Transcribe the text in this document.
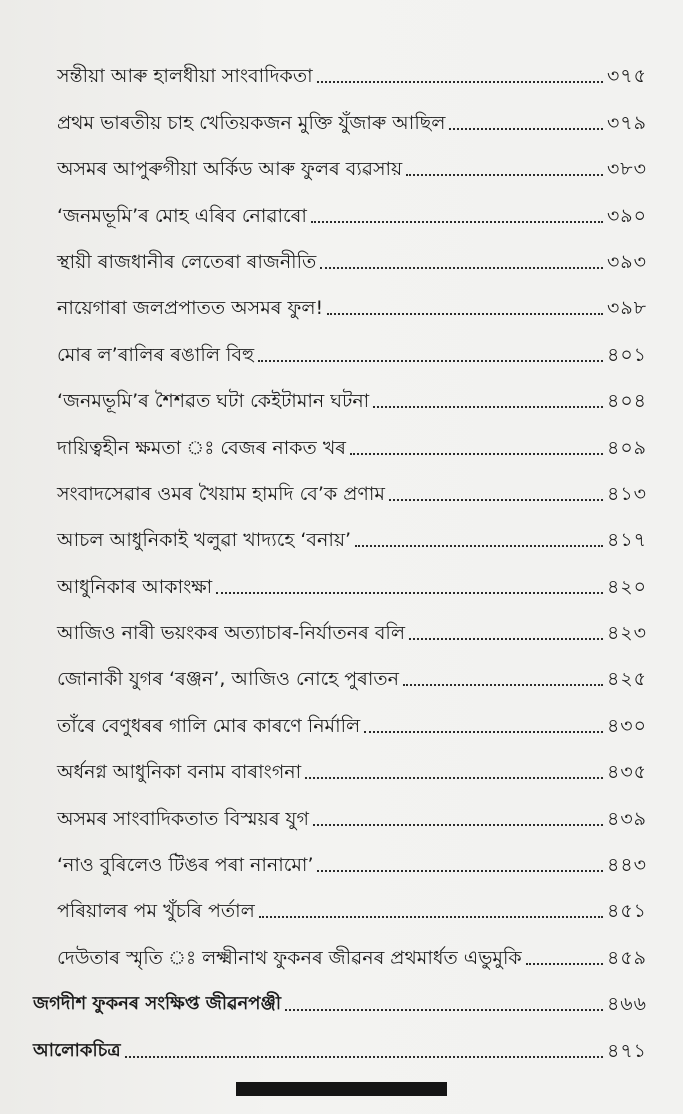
সন্তীয়া আৰু হালধীয়া সাংবাদিকতা	৩৭৫
প্ৰথম ভাৰতীয় চাহ খেতিয়কজন মুক্তি যুঁজাৰু আছিল	৩৭৯
অসমৰ আপুৰুগীয়া অৰ্কিড আৰু ফুলৰ ব্যৱসায়	৩৮৩
‘জনমভূমি’ৰ মোহ এৰিব নোৱাৰো	৩৯০
স্থায়ী ৰাজধানীৰ লেতেৰা ৰাজনীতি	৩৯৩
নায়েগাৰা জলপ্ৰপাতত অসমৰ ফুল!	৩৯৮
মোৰ ল’ৰালিৰ ৰঙালি বিহু	৪০১
‘জনমভূমি’ৰ শৈশৱত ঘটা কেইটামান ঘটনা	৪০৪
দায়িত্বহীন ক্ষমতা ঃ বেজৰ নাকত খৰ	৪০৯
সংবাদসেৱাৰ ওমৰ খৈয়াম হামদি বে’ক প্ৰণাম	৪১৩
আচল আধুনিকাই খলুৱা খাদ্যহে ‘বনায়’	৪১৭
আধুনিকাৰ আকাংক্ষা	৪২০
আজিও নাৰী ভয়ংকৰ অত্যাচাৰ-নিৰ্যাতনৰ বলি	৪২৩
জোনাকী যুগৰ ‘ৰঞ্জন’, আজিও নোহে পুৰাতন	৪২৫
তাঁৰে বেণুধৰৰ গালি মোৰ কাৰণে নিৰ্মালি	৪৩০
অৰ্ধনগ্ন আধুনিকা বনাম বাৰাংগনা	৪৩৫
অসমৰ সাংবাদিকতাত বিস্ময়ৰ যুগ	৪৩৯
‘নাও বুৰিলেও টিঙৰ পৰা নানামো’	৪৪৩
পৰিয়ালৰ পম খুঁচৰি পৰ্তাল	৪৫১
দেউতাৰ স্মৃতি ঃ লক্ষ্মীনাথ ফুকনৰ জীৱনৰ প্ৰথমাৰ্ধত এভুমুকি	৪৫৯
জগদীশ ফুকনৰ সংক্ষিপ্ত জীৱনপঞ্জী	৪৬৬
আলোকচিত্ৰ	৪৭১
